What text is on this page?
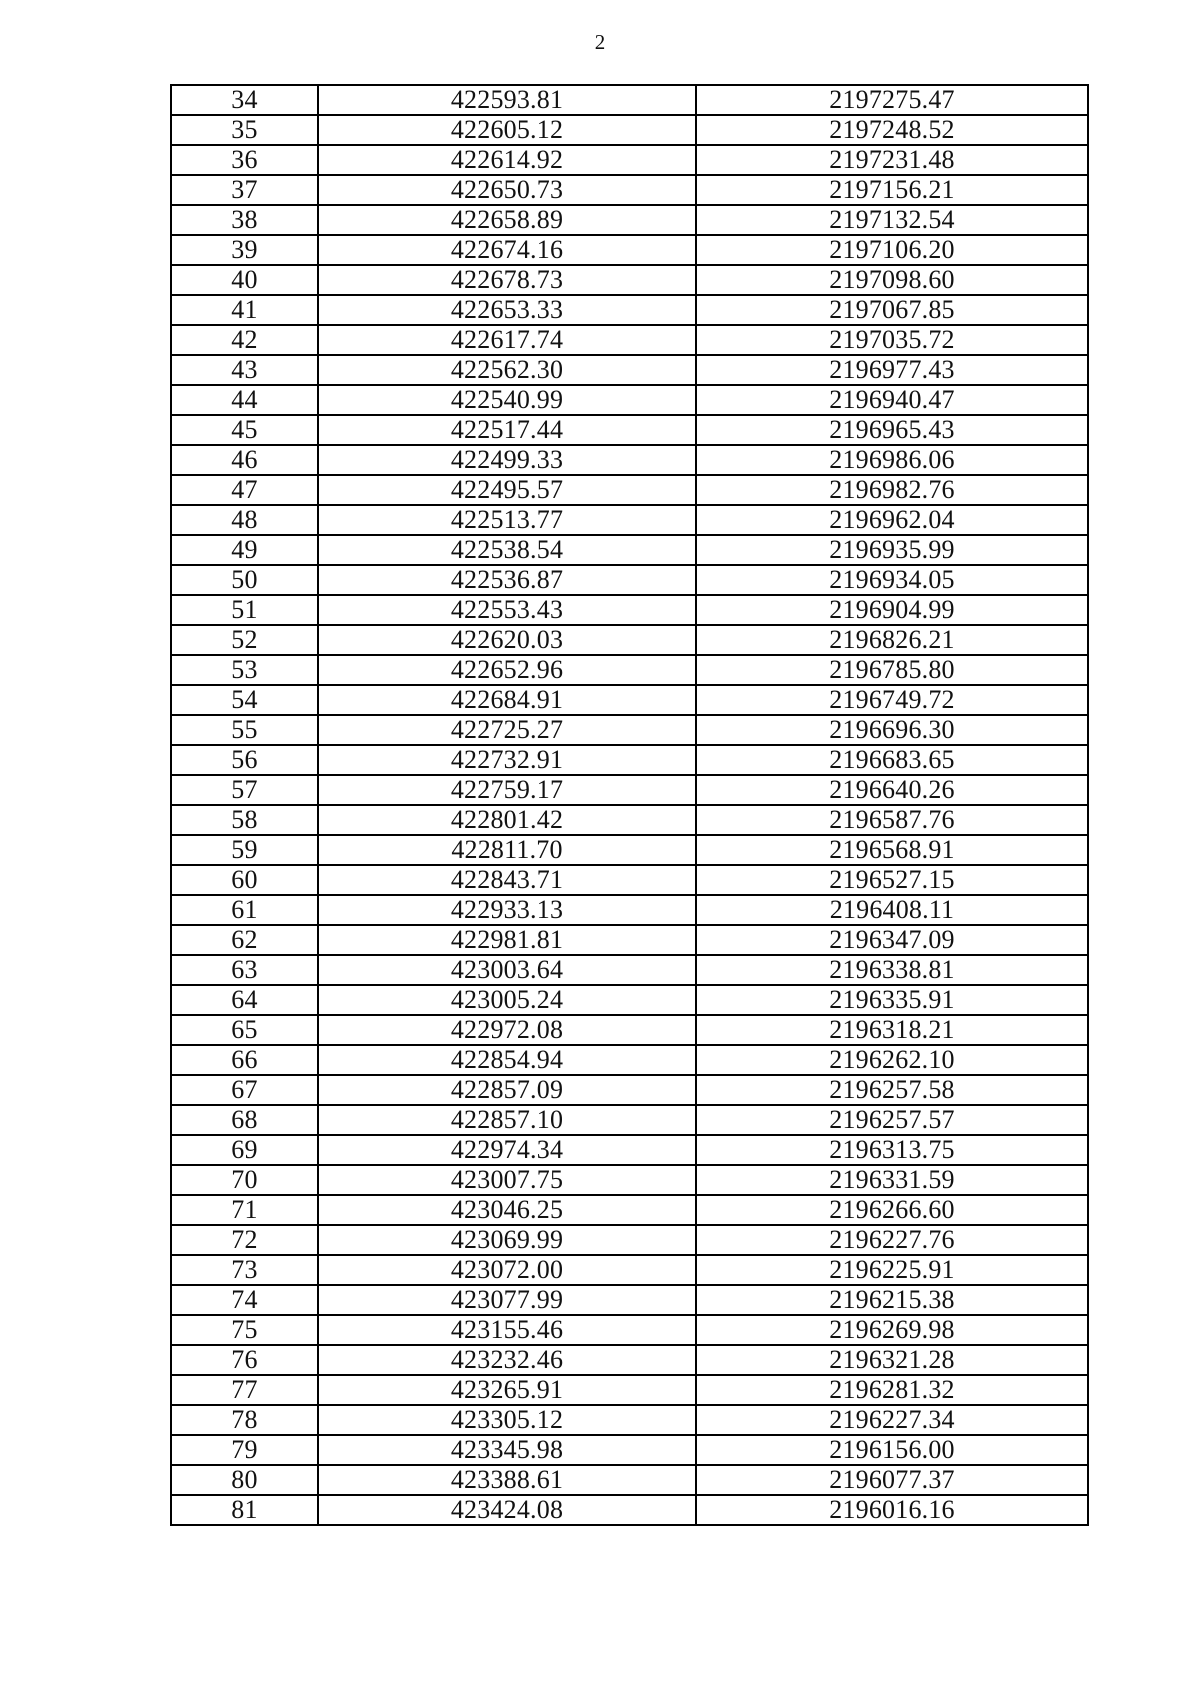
2
34	422593.81	2197275.47
35	422605.12	2197248.52
36	422614.92	2197231.48
37	422650.73	2197156.21
38	422658.89	2197132.54
39	422674.16	2197106.20
40	422678.73	2197098.60
41	422653.33	2197067.85
42	422617.74	2197035.72
43	422562.30	2196977.43
44	422540.99	2196940.47
45	422517.44	2196965.43
46	422499.33	2196986.06
47	422495.57	2196982.76
48	422513.77	2196962.04
49	422538.54	2196935.99
50	422536.87	2196934.05
51	422553.43	2196904.99
52	422620.03	2196826.21
53	422652.96	2196785.80
54	422684.91	2196749.72
55	422725.27	2196696.30
56	422732.91	2196683.65
57	422759.17	2196640.26
58	422801.42	2196587.76
59	422811.70	2196568.91
60	422843.71	2196527.15
61	422933.13	2196408.11
62	422981.81	2196347.09
63	423003.64	2196338.81
64	423005.24	2196335.91
65	422972.08	2196318.21
66	422854.94	2196262.10
67	422857.09	2196257.58
68	422857.10	2196257.57
69	422974.34	2196313.75
70	423007.75	2196331.59
71	423046.25	2196266.60
72	423069.99	2196227.76
73	423072.00	2196225.91
74	423077.99	2196215.38
75	423155.46	2196269.98
76	423232.46	2196321.28
77	423265.91	2196281.32
78	423305.12	2196227.34
79	423345.98	2196156.00
80	423388.61	2196077.37
81	423424.08	2196016.16
